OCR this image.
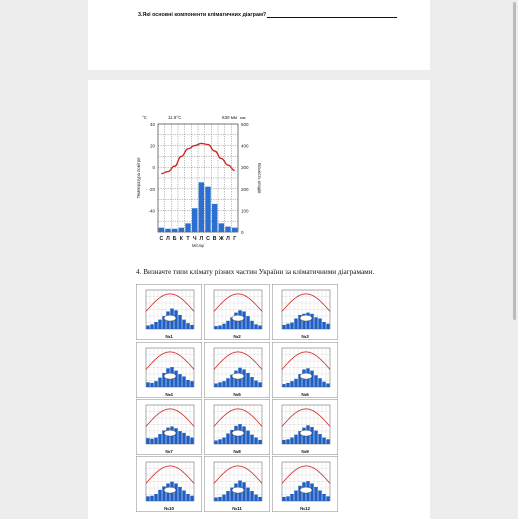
3.Які основні компоненти кліматичних діаграм?
40
20
0
-20
-40
500
400
300
200
100
0
°C	11.8°C	630 мм мм
Температура повітря	Кількість опадів
С Л Б К Т Ч Л С В Ж Л Г
Місяці
4. Визначте типи клімату різних частин України за кліматичними діаграмами.
№1	№2	№3
№4	№5	№6
№7	№8	№9
№10	№11	№12
